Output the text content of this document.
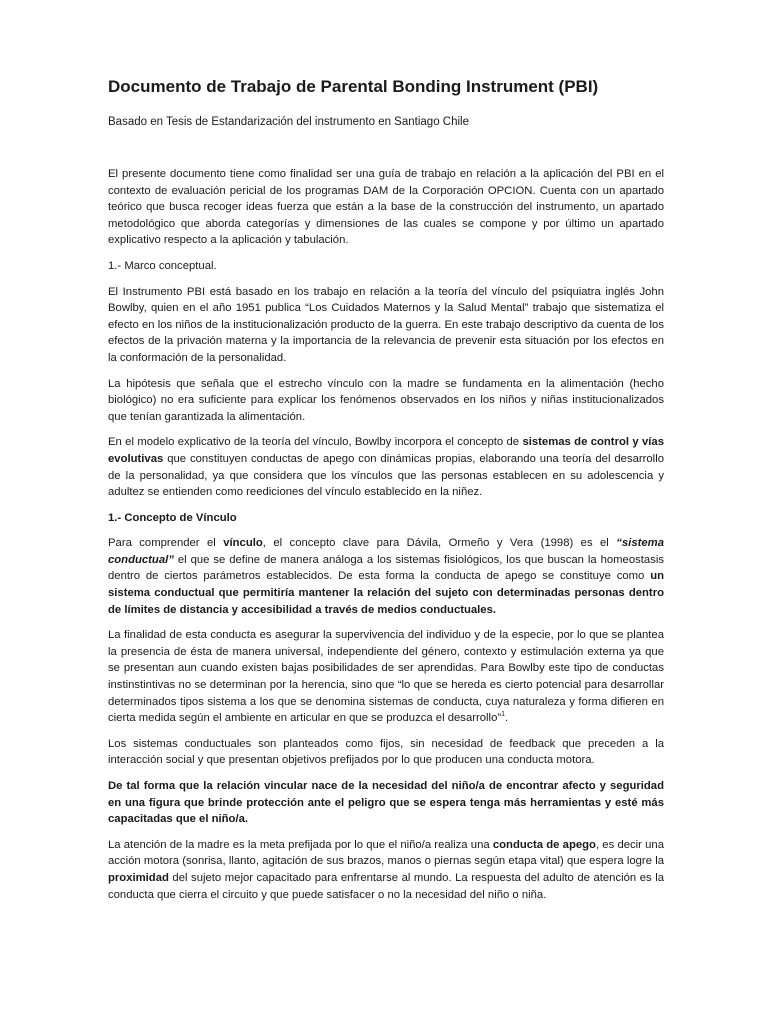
Documento de Trabajo de Parental Bonding Instrument (PBI)
Basado en Tesis de Estandarización del instrumento en Santiago Chile

El presente documento tiene como finalidad ser una guía de trabajo en relación a la aplicación del PBI en el contexto de evaluación pericial de los programas DAM de la Corporación OPCION. Cuenta con un apartado teórico que busca recoger ideas fuerza que están a la base de la construcción del instrumento, un apartado metodológico que aborda categorías y dimensiones de las cuales se compone y por último un apartado explicativo respecto a la aplicación y tabulación.

1.- Marco conceptual.

El Instrumento PBI está basado en los trabajo en relación a la teoría del vínculo del psiquiatra inglés John Bowlby, quien en el año 1951 publica “Los Cuidados Maternos y la Salud Mental” trabajo que sistematiza el efecto en los niños de la institucionalización producto de la guerra. En este trabajo descriptivo da cuenta de los efectos de la privación materna y la importancia de la relevancia de prevenir esta situación por los efectos en la conformación de la personalidad.

La hipótesis que señala que el estrecho vínculo con la madre se fundamenta en la alimentación (hecho biológico) no era suficiente para explicar los fenómenos observados en los niños y niñas institucionalizados que tenían garantizada la alimentación.

En el modelo explicativo de la teoría del vínculo, Bowlby incorpora el concepto de sistemas de control y vías evolutivas que constituyen conductas de apego con dinámicas propias, elaborando una teoría del desarrollo de la personalidad, ya que considera que los vínculos que las personas establecen en su adolescencia y adultez se entienden como reediciones del vínculo establecido en la niñez.

1.- Concepto de Vínculo

Para comprender el vínculo, el concepto clave para Dávila, Ormeño y Vera (1998) es el “sistema conductual” el que se define de manera análoga a los sistemas fisiológicos, los que buscan la homeostasis dentro de ciertos parámetros establecidos. De esta forma la conducta de apego se constituye como un sistema conductual que permitiría mantener la relación del sujeto con determinadas personas dentro de límites de distancia y accesibilidad a través de medios conductuales.

La finalidad de esta conducta es asegurar la supervivencia del individuo y de la especie, por lo que se plantea la presencia de ésta de manera universal, independiente del género, contexto y estimulación externa ya que se presentan aun cuando existen bajas posibilidades de ser aprendidas. Para Bowlby este tipo de conductas instinstintivas no se determinan por la herencia, sino que “lo que se hereda es cierto potencial para desarrollar determinados tipos sistema a los que se denomina sistemas de conducta, cuya naturaleza y forma difieren en cierta medida según el ambiente en articular en que se produzca el desarrollo”$^1$.

Los sistemas conductuales son planteados como fijos, sin necesidad de feedback que preceden a la interacción social y que presentan objetivos prefijados por lo que producen una conducta motora.

De tal forma que la relación vincular nace de la necesidad del niño/a de encontrar afecto y seguridad en una figura que brinde protección ante el peligro que se espera tenga más herramientas y esté más capacitadas que el niño/a.

La atención de la madre es la meta prefijada por lo que el niño/a realiza una conducta de apego, es decir una acción motora (sonrisa, llanto, agitación de sus brazos, manos o piernas según etapa vital) que espera logre la proximidad del sujeto mejor capacitado para enfrentarse al mundo. La respuesta del adulto de atención es la conducta que cierra el circuito y que puede satisfacer o no la necesidad del niño o niña.
